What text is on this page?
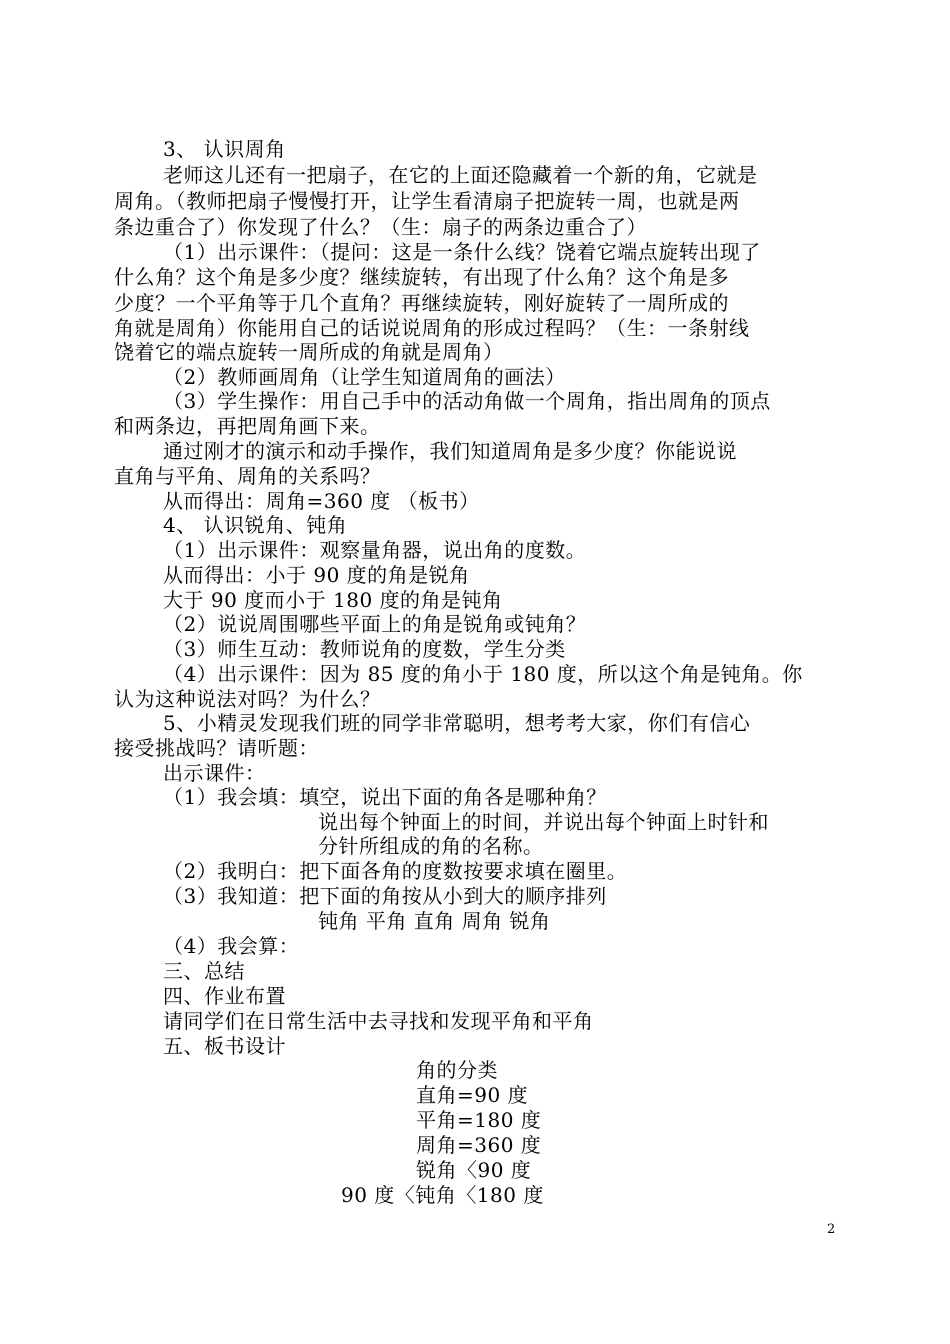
3、 认识周角
老师这儿还有一把扇子，在它的上面还隐藏着一个新的角，它就是
周角。（教师把扇子慢慢打开，让学生看清扇子把旋转一周，也就是两
条边重合了）你发现了什么？（生：扇子的两条边重合了）
（1）出示课件：（提问：这是一条什么线？饶着它端点旋转出现了
什么角？这个角是多少度？继续旋转，有出现了什么角？这个角是多
少度？一个平角等于几个直角？再继续旋转，刚好旋转了一周所成的
角就是周角）你能用自己的话说说周角的形成过程吗？（生：一条射线
饶着它的端点旋转一周所成的角就是周角）
（2）教师画周角（让学生知道周角的画法）
（3）学生操作：用自己手中的活动角做一个周角，指出周角的顶点
和两条边，再把周角画下来。
通过刚才的演示和动手操作，我们知道周角是多少度？你能说说
直角与平角、周角的关系吗？
从而得出：周角=360 度 （板书）
4、 认识锐角、钝角
（1）出示课件：观察量角器，说出角的度数。
从而得出：小于 90 度的角是锐角
大于 90 度而小于 180 度的角是钝角
（2）说说周围哪些平面上的角是锐角或钝角？
（3）师生互动：教师说角的度数，学生分类
（4）出示课件：因为 85 度的角小于 180 度，所以这个角是钝角。你
认为这种说法对吗？为什么？
5、小精灵发现我们班的同学非常聪明，想考考大家，你们有信心
接受挑战吗？请听题：
出示课件：
（1）我会填：填空，说出下面的角各是哪种角？
说出每个钟面上的时间，并说出每个钟面上时针和
分针所组成的角的名称。
（2）我明白：把下面各角的度数按要求填在圈里。
（3）我知道：把下面的角按从小到大的顺序排列
钝角 平角 直角 周角 锐角
（4）我会算：
三、总结
四、作业布置
请同学们在日常生活中去寻找和发现平角和平角
五、板书设计
角的分类
直角=90 度
平角=180 度
周角=360 度
锐角〈90 度
90 度〈钝角〈180 度
2
